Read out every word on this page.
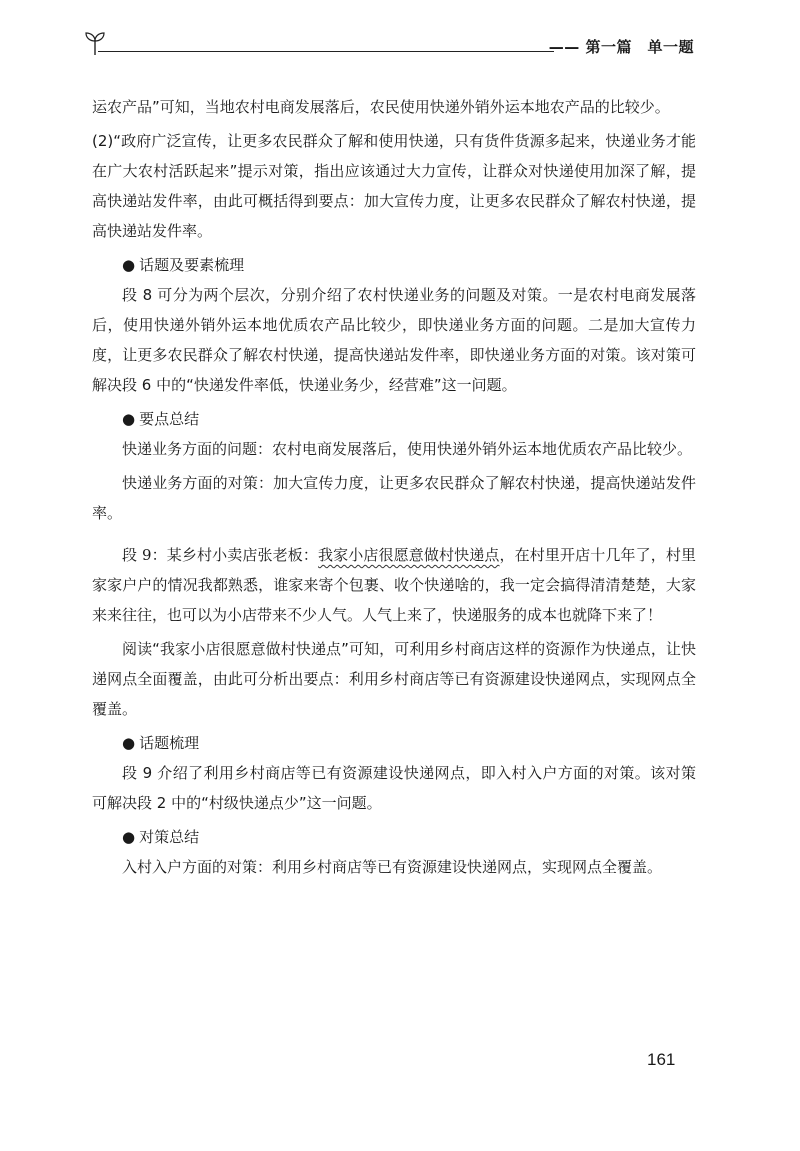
—— 第一篇　单一题

运农产品”可知，当地农村电商发展落后，农民使用快递外销外运本地农产品的比较少。

(2)“政府广泛宣传，让更多农民群众了解和使用快递，只有货件货源多起来，快递业务才能在广大农村活跃起来”提示对策，指出应该通过大力宣传，让群众对快递使用加深了解，提高快递站发件率，由此可概括得到要点：加大宣传力度，让更多农民群众了解农村快递，提高快递站发件率。

● 话题及要素梳理

段 8 可分为两个层次，分别介绍了农村快递业务的问题及对策。一是农村电商发展落后，使用快递外销外运本地优质农产品比较少，即快递业务方面的问题。二是加大宣传力度，让更多农民群众了解农村快递，提高快递站发件率，即快递业务方面的对策。该对策可解决段 6 中的“快递发件率低，快递业务少，经营难”这一问题。

● 要点总结

快递业务方面的问题：农村电商发展落后，使用快递外销外运本地优质农产品比较少。

快递业务方面的对策：加大宣传力度，让更多农民群众了解农村快递，提高快递站发件率。

段 9：某乡村小卖店张老板：我家小店很愿意做村快递点，在村里开店十几年了，村里家家户户的情况我都熟悉，谁家来寄个包裹、收个快递啥的，我一定会搞得清清楚楚，大家来来往往，也可以为小店带来不少人气。人气上来了，快递服务的成本也就降下来了！

阅读“我家小店很愿意做村快递点”可知，可利用乡村商店这样的资源作为快递点，让快递网点全面覆盖，由此可分析出要点：利用乡村商店等已有资源建设快递网点，实现网点全覆盖。

● 话题梳理

段 9 介绍了利用乡村商店等已有资源建设快递网点，即入村入户方面的对策。该对策可解决段 2 中的“村级快递点少”这一问题。

● 对策总结

入村入户方面的对策：利用乡村商店等已有资源建设快递网点，实现网点全覆盖。

161
